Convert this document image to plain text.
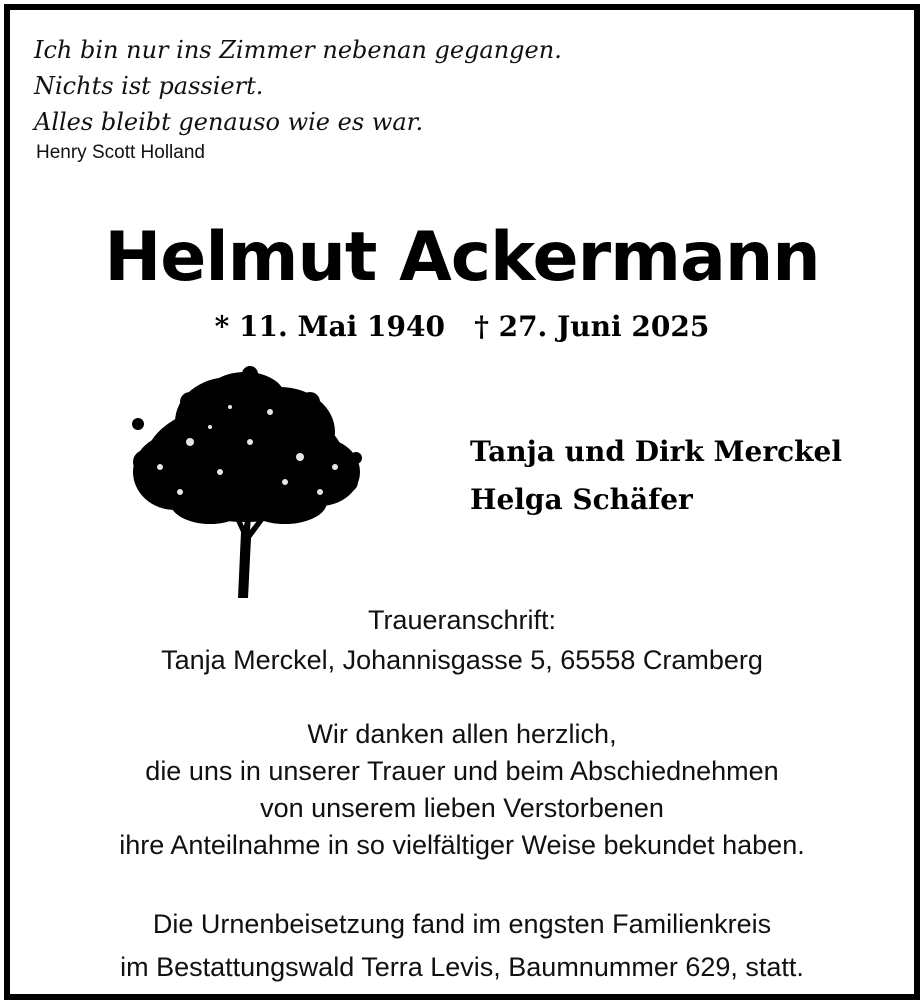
Ich bin nur ins Zimmer nebenan gegangen.
Nichts ist passiert.
Alles bleibt genauso wie es war.
Henry Scott Holland
Helmut Ackermann
* 11. Mai 1940 † 27. Juni 2025
Tanja und Dirk Merckel
Helga Schäfer
Traueranschrift:
Tanja Merckel, Johannisgasse 5, 65558 Cramberg
Wir danken allen herzlich,
die uns in unserer Trauer und beim Abschiednehmen
von unserem lieben Verstorbenen
ihre Anteilnahme in so vielfältiger Weise bekundet haben.
Die Urnenbeisetzung fand im engsten Familienkreis
im Bestattungswald Terra Levis, Baumnummer 629, statt.
